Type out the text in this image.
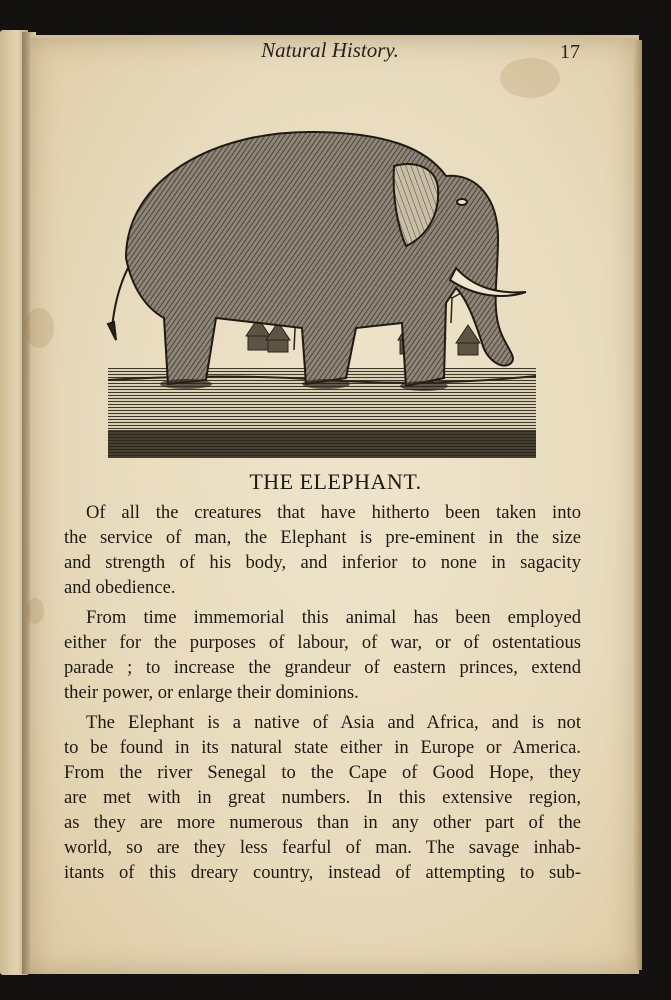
Natural History.	17
THE ELEPHANT.

Of all the creatures that have hitherto been taken into
the service of man, the Elephant is pre-eminent in the size
and strength of his body, and inferior to none in sagacity
and obedience.

From time immemorial this animal has been employed
either for the purposes of labour, of war, or of ostentatious
parade ; to increase the grandeur of eastern princes, extend
their power, or enlarge their dominions.

The Elephant is a native of Asia and Africa, and is not
to be found in its natural state either in Europe or America.
From the river Senegal to the Cape of Good Hope, they
are met with in great numbers. In this extensive region,
as they are more numerous than in any other part of the
world, so are they less fearful of man. The savage inhab-
itants of this dreary country, instead of attempting to sub-
